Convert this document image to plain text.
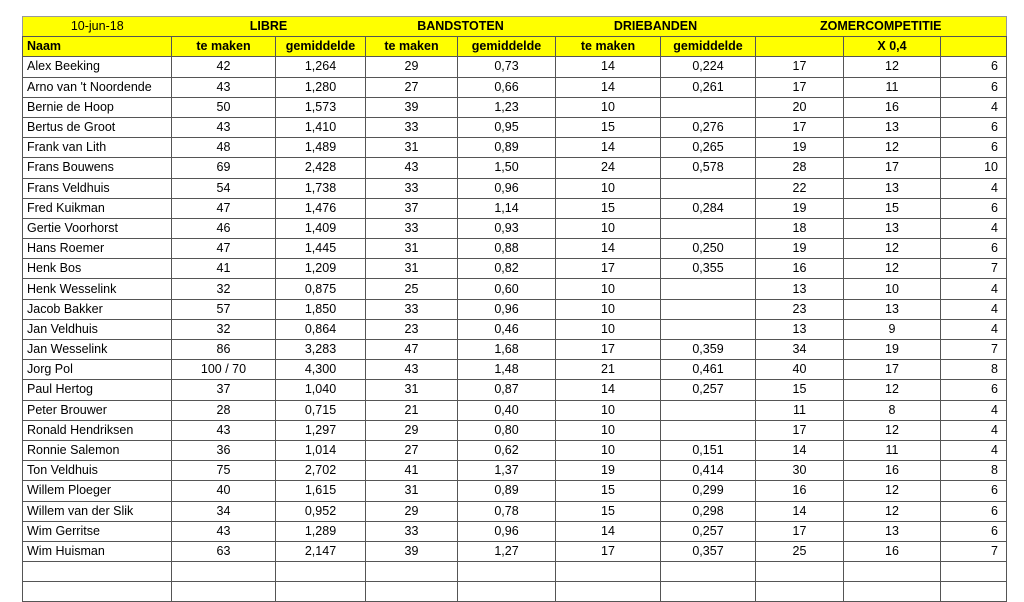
10-jun-18	LIBRE		BANDSTOTEN		DRIEBANDEN		ZOMERCOMPETITIE		
Naam	te maken	gemiddelde	te maken	gemiddelde	te maken	gemiddelde		X 0,4	
Alex Beeking	42	1,264	29	0,73	14	0,224	17	12	6
Arno van 't Noordende	43	1,280	27	0,66	14	0,261	17	11	6
Bernie de Hoop	50	1,573	39	1,23	10		20	16	4
Bertus de Groot	43	1,410	33	0,95	15	0,276	17	13	6
Frank van Lith	48	1,489	31	0,89	14	0,265	19	12	6
Frans Bouwens	69	2,428	43	1,50	24	0,578	28	17	10
Frans Veldhuis	54	1,738	33	0,96	10		22	13	4
Fred Kuikman	47	1,476	37	1,14	15	0,284	19	15	6
Gertie Voorhorst	46	1,409	33	0,93	10		18	13	4
Hans Roemer	47	1,445	31	0,88	14	0,250	19	12	6
Henk Bos	41	1,209	31	0,82	17	0,355	16	12	7
Henk Wesselink	32	0,875	25	0,60	10		13	10	4
Jacob Bakker	57	1,850	33	0,96	10		23	13	4
Jan Veldhuis	32	0,864	23	0,46	10		13	9	4
Jan Wesselink	86	3,283	47	1,68	17	0,359	34	19	7
Jorg Pol	100 / 70	4,300	43	1,48	21	0,461	40	17	8
Paul Hertog	37	1,040	31	0,87	14	0,257	15	12	6
Peter Brouwer	28	0,715	21	0,40	10		11	8	4
Ronald Hendriksen	43	1,297	29	0,80	10		17	12	4
Ronnie Salemon	36	1,014	27	0,62	10	0,151	14	11	4
Ton Veldhuis	75	2,702	41	1,37	19	0,414	30	16	8
Willem Ploeger	40	1,615	31	0,89	15	0,299	16	12	6
Willem van der Slik	34	0,952	29	0,78	15	0,298	14	12	6
Wim Gerritse	43	1,289	33	0,96	14	0,257	17	13	6
Wim Huisman	63	2,147	39	1,27	17	0,357	25	16	7
